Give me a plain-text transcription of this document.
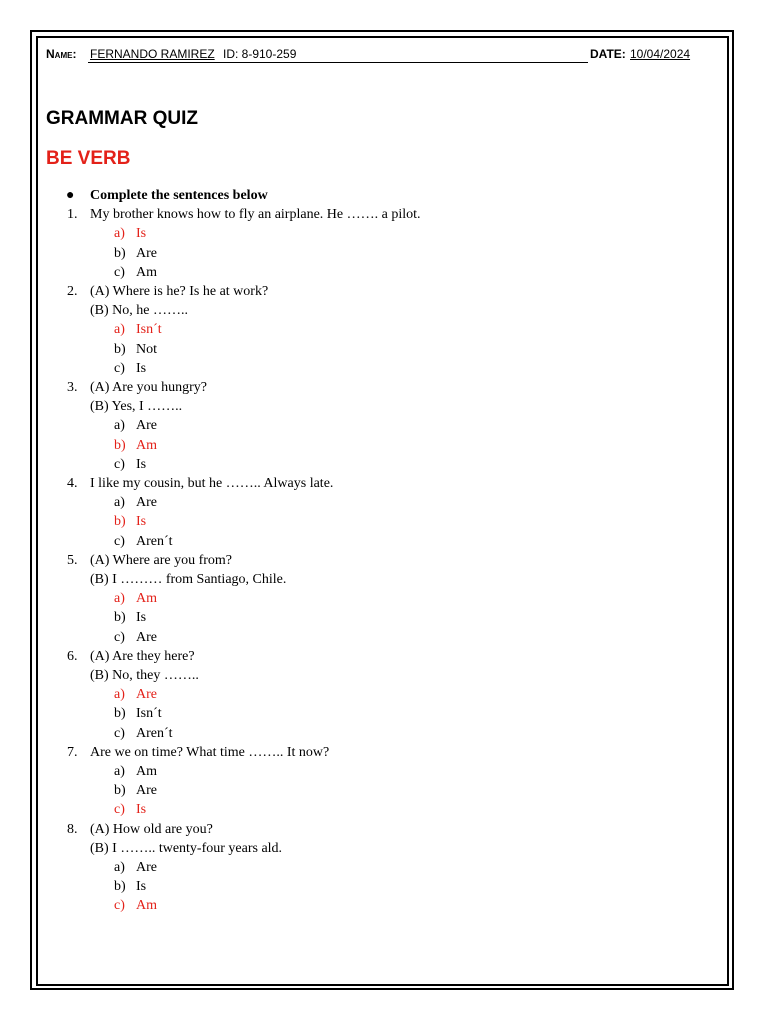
Name: FERNANDO RAMIREZ ID: 8-910-259	DATE: 10/04/2024
GRAMMAR QUIZ
BE VERB
● Complete the sentences below
1. My brother knows how to fly an airplane. He ……. a pilot.
a) Is
b) Are
c) Am
2. (A) Where is he? Is he at work?
(B) No, he ……..
a) Isn´t
b) Not
c) Is
3. (A) Are you hungry?
(B) Yes, I ……..
a) Are
b) Am
c) Is
4. I like my cousin, but he …….. Always late.
a) Are
b) Is
c) Aren´t
5. (A) Where are you from?
(B) I ……… from Santiago, Chile.
a) Am
b) Is
c) Are
6. (A) Are they here?
(B) No, they ……..
a) Are
b) Isn´t
c) Aren´t
7. Are we on time? What time …….. It now?
a) Am
b) Are
c) Is
8. (A) How old are you?
(B) I …….. twenty-four years ald.
a) Are
b) Is
c) Am
